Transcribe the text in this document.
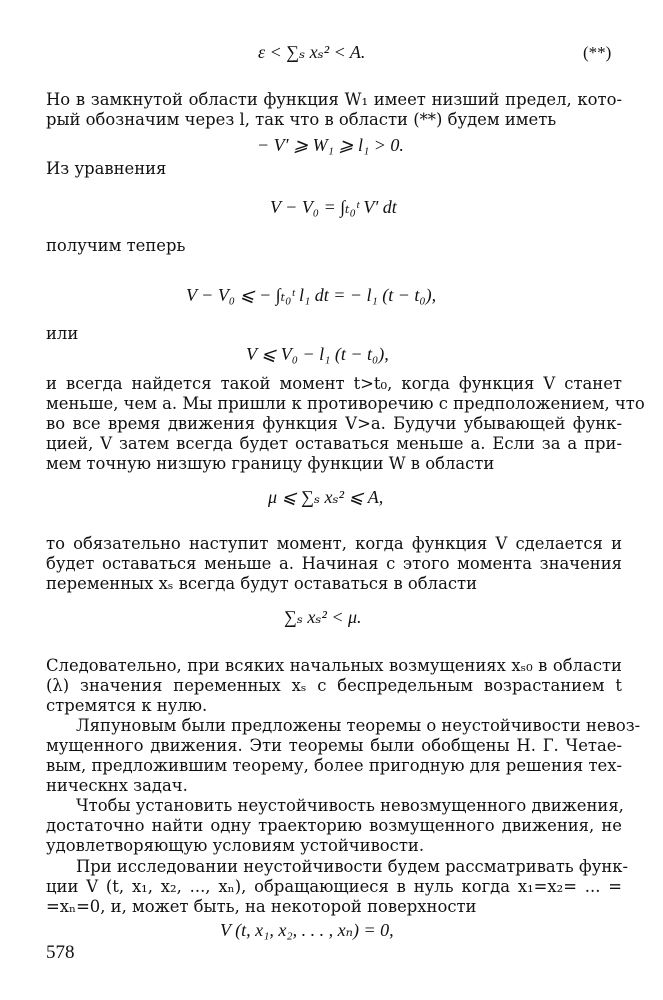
ε < ∑ₛ xₛ² < A.	(**)
Но в замкнутой области функция W₁ имеет низший предел, кото-
рый обозначим через l, так что в области (**) будем иметь
− V′ ⩾ W₁ ⩾ l₁ > 0.
Из уравнения
V − V₀ = ∫ₜ₀ᵗ V′ dt
получим теперь
V − V₀ ⩽ − ∫ₜ₀ᵗ l₁ dt = − l₁ (t − t₀),
или
V ⩽ V₀ − l₁ (t − t₀),
и всегда найдется такой момент t>t₀, когда функция V станет
меньше, чем a. Мы пришли к противоречию с предположением, что
во все время движения функция V>a. Будучи убывающей функ-
цией, V затем всегда будет оставаться меньше a. Если за a при-
мем точную низшую границу функции W в области
μ ⩽ ∑ₛ xₛ² ⩽ A,
то обязательно наступит момент, когда функция V сделается и
будет оставаться меньше a. Начиная с этого момента значения
переменных xₛ всегда будут оставаться в области
∑ₛ xₛ² < μ.
Следовательно, при всяких начальных возмущениях xₛ₀ в области
(λ) значения переменных xₛ с беспредельным возрастанием t
стремятся к нулю.
Ляпуновым были предложены теоремы о неустойчивости невоз-
мущенного движения. Эти теоремы были обобщены Н. Г. Четае-
вым, предложившим теорему, более пригодную для решения тех-
ническнх задач.
Чтобы установить неустойчивость невозмущенного движения,
достаточно найти одну траекторию возмущенного движения, не
удовлетворяющую условиям устойчивости.
При исследовании неустойчивости будем рассматривать функ-
ции V (t, x₁, x₂, ..., xₙ), обращающиеся в нуль когда x₁=x₂= ... =
=xₙ=0, и, может быть, на некоторой поверхности
V (t, x₁, x₂, . . . , xₙ) = 0,
578
